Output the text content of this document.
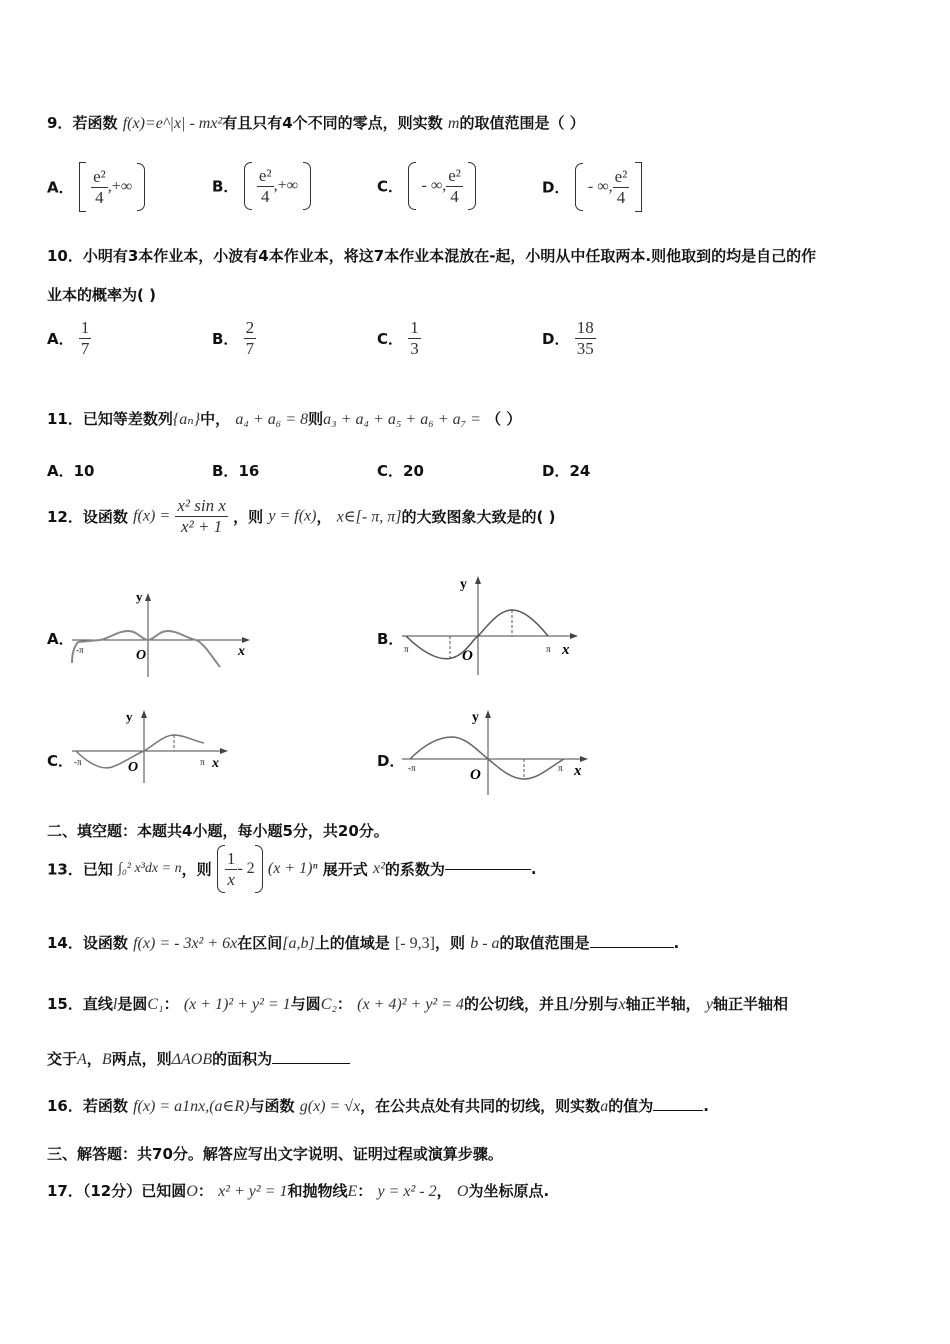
9．若函数 f(x)=e^|x| - mx²有且只有4个不同的零点，则实数 m的取值范围是（ ）
A． $\frac{\text{e²}}{4}$ ,+∞	B． $\frac{\text{e²}}{4}$ ,+∞	C． - ∞, $\frac{\text{e²}}{4}$
	D． - ∞, $\frac{\text{e²}}{4}$

10．小明有3本作业本，小波有4本作业本，将这7本作业本混放在-起，小明从中任取两本.则他取到的均是自己的作
业本的概率为( )
A． $\frac{1}{7}$	B． $\frac{2}{7}$	C． $\frac{1}{3}$	D． $\frac{18}{35}$
11．已知等差数列{aₙ}中， a₄ + a₆ = 8则a₃ + a₄ + a₅ + a₆ + a₇ = （ ）
A．10	B．16	C．20	D．24
12．设函数 $f(x) = \frac{\text{x² sin x}}{\text{x² + 1}}$ ，则 y = f(x)， x∈[- π, π]的大致图象大致是的( )
A．	B．
C．	D．
y
x
O
-π
y
x
O
π	π
y
x
O
-π	π
y
x
O
-π	π
二、填空题：本题共4小题，每小题5分，共20分。
13．已知 ∫₀² x³dx = n，则 $\frac{1}{x} - 2$ (x + 1)ⁿ 展开式 x²的系数为	.
14．设函数 f(x) = - 3x² + 6x在区间[a,b]上的值域是 [- 9,3]，则 b - a的取值范围是	.
15．直线l是圆C₁： (x + 1)² + y² = 1与圆C₂： (x + 4)² + y² = 4的公切线，并且l分别与x轴正半轴， y轴正半轴相
交于A，B两点，则ΔAOB的面积为
16．若函数 f(x) = a1nx,(a∈R)与函数 g(x) = √x，在公共点处有共同的切线，则实数a的值为	.
三、解答题：共70分。解答应写出文字说明、证明过程或演算步骤。
17．（12分）已知圆O： x² + y² = 1和抛物线E： y = x² - 2， O为坐标原点.
